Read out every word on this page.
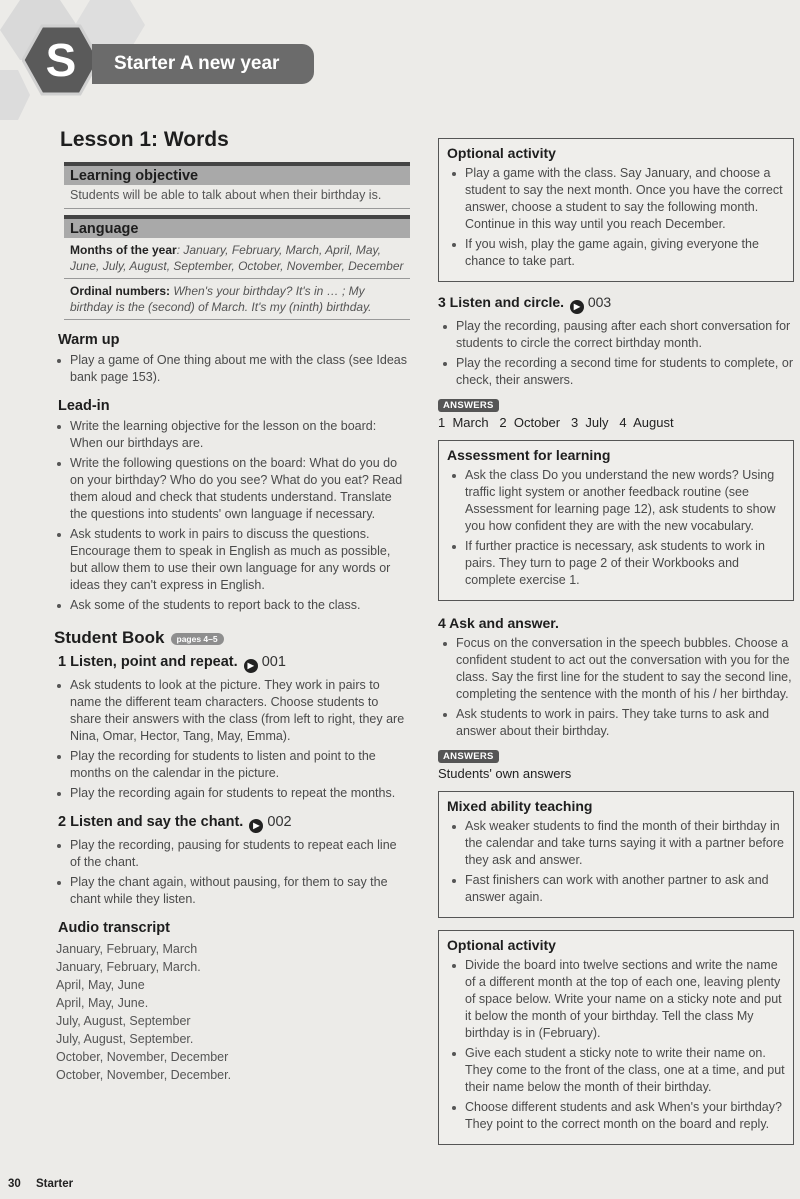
S	Starter A new year
Lesson 1: Words
Learning objective
Students will be able to talk about when their birthday is.
Language
Months of the year: January, February, March, April, May, June, July, August, September, October, November, December
Ordinal numbers: When's your birthday? It's in … ; My birthday is the (second) of March. It's my (ninth) birthday.
Warm up
Play a game of One thing about me with the class (see Ideas bank page 153).
Lead-in
Write the learning objective for the lesson on the board: When our birthdays are.
Write the following questions on the board: What do you do on your birthday? Who do you see? What do you eat? Read them aloud and check that students understand. Translate the questions into students' own language if necessary.
Ask students to work in pairs to discuss the questions. Encourage them to speak in English as much as possible, but allow them to use their own language for any words or ideas they can't express in English.
Ask some of the students to report back to the class.
Student Book pages 4–5
1 Listen, point and repeat. ▶ 001
Ask students to look at the picture. They work in pairs to name the different team characters. Choose students to share their answers with the class (from left to right, they are Nina, Omar, Hector, Tang, May, Emma).
Play the recording for students to listen and point to the months on the calendar in the picture.
Play the recording again for students to repeat the months.
2 Listen and say the chant. ▶ 002
Play the recording, pausing for students to repeat each line of the chant.
Play the chant again, without pausing, for them to say the chant while they listen.
Audio transcript
January, February, March
January, February, March.
April, May, June
April, May, June.
July, August, September
July, August, September.
October, November, December
October, November, December.
Optional activity
Play a game with the class. Say January, and choose a student to say the next month. Once you have the correct answer, choose a student to say the following month. Continue in this way until you reach December.
If you wish, play the game again, giving everyone the chance to take part.
3 Listen and circle. ▶ 003
Play the recording, pausing after each short conversation for students to circle the correct birthday month.
Play the recording a second time for students to complete, or check, their answers.
ANSWERS
1  March   2  October   3  July   4  August
Assessment for learning
Ask the class Do you understand the new words? Using traffic light system or another feedback routine (see Assessment for learning page 12), ask students to show you how confident they are with the new vocabulary.
If further practice is necessary, ask students to work in pairs. They turn to page 2 of their Workbooks and complete exercise 1.
4 Ask and answer.
Focus on the conversation in the speech bubbles. Choose a confident student to act out the conversation with you for the class. Say the first line for the student to say the second line, completing the sentence with the month of his / her birthday.
Ask students to work in pairs. They take turns to ask and answer about their birthday.
ANSWERS
Students' own answers
Mixed ability teaching
Ask weaker students to find the month of their birthday in the calendar and take turns saying it with a partner before they ask and answer.
Fast finishers can work with another partner to ask and answer again.
Optional activity
Divide the board into twelve sections and write the name of a different month at the top of each one, leaving plenty of space below. Write your name on a sticky note and put it below the month of your birthday. Tell the class My birthday is in (February).
Give each student a sticky note to write their name on. They come to the front of the class, one at a time, and put their name below the month of their birthday.
Choose different students and ask When's your birthday? They point to the correct month on the board and reply.
30 Starter
